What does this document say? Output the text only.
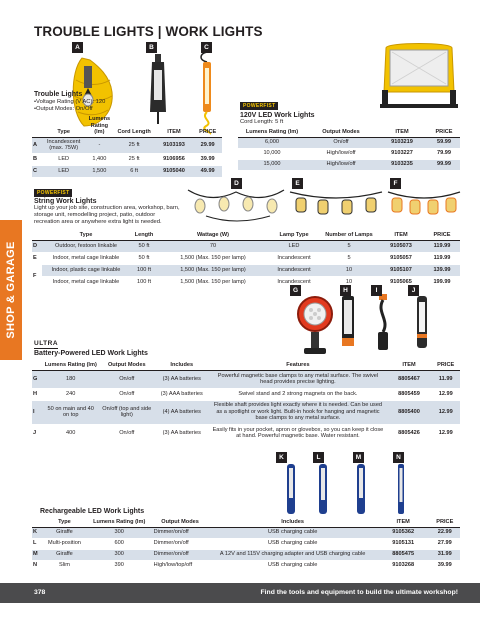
TROUBLE LIGHTS | WORK LIGHTS
SHOP & GARAGE
A	B	C
Trouble Lights
•Voltage Rating (V AC): 120
•Output Modes: On/Off
	Type	Lumens Rating (lm)	Cord Length	ITEM	PRICE
A	Incandescent (max. 75W)	-	25 ft	9103193	29.99
B	LED	1,400	25 ft	9106956	39.99
C	LED	1,500	6 ft	9105040	49.99
POWERFIST
120V LED Work Lights
Cord Length: 5 ft
Lumens Rating (lm)	Output Modes	ITEM	PRICE
6,000	On/off	9103219	59.99
10,000	High/low/off	9103227	79.99
15,000	High/low/off	9103235	99.99
D	E	F
POWERFIST
String Work Lights
Light up your job site, construction area, workshop, barn, storage unit, remodelling project, patio, outdoor recreation area or anywhere extra light is needed.
	Type	Length	Wattage (W)	Lamp Type	Number of Lamps	ITEM	PRICE
D	Outdoor, festoon linkable	50 ft	70	LED	5	9105073	119.99
E	Indoor, metal cage linkable	50 ft	1,500 (Max. 150 per lamp)	Incandescent	5	9105057	119.99
F	Indoor, plastic cage linkable	100 ft	1,500 (Max. 150 per lamp)	Incandescent	10	9105107	139.99
	Indoor, metal cage linkable	100 ft	1,500 (Max. 150 per lamp)	Incandescent	10	9105065	199.99
G	H	I	J
ULTRA
Battery-Powered LED Work Lights
	Lumens Rating (lm)	Output Modes	Includes	Features	ITEM	PRICE
G	180	On/off	(3) AA batteries	Powerful magnetic base clamps to any metal surface. The swivel head provides precise lighting.	8805467	11.99
H	240	On/off	(3) AAA batteries	Swivel stand and 2 strong magnets on the back.	8805459	12.99
I	50 on main and 40 on top	On/off (top and side light)	(4) AA batteries	Flexible shaft provides light exactly where it is needed. Can be used as a spotlight or work light. Built-in hook for hanging and magnetic base clamps to any metal surface.	8805400	12.99
J	400	On/off	(3) AA batteries	Easily fits in your pocket, apron or glovebox, so you can keep it close at hand. Powerful magnetic base. Water resistant.	8805426	12.99
K	L	M	N
Rechargeable LED Work Lights
	Type	Lumens Rating (lm)	Output Modes	Includes	ITEM	PRICE
K	Giraffe	300	Dimmer/on/off	USB charging cable	9105362	22.99
L	Multi-position	600	Dimmer/on/off	USB charging cable	9105131	27.99
M	Giraffe	300	Dimmer/on/off	A 12V and 115V charging adapter and USB charging cable	8805475	31.99
N	Slim	390	High/low/top/off	USB charging cable	9103268	39.99
378	Find the tools and equipment to build the ultimate workshop!
